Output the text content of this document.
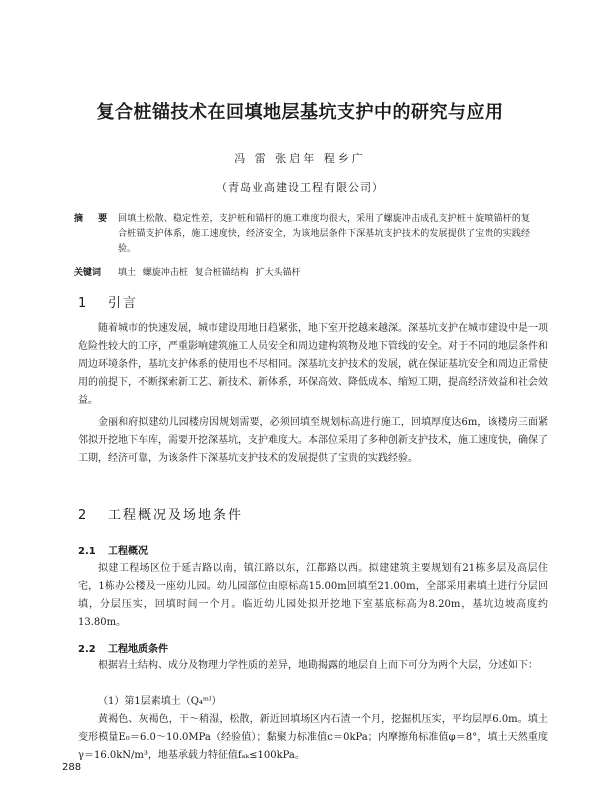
复合桩锚技术在回填地层基坑支护中的研究与应用
冯 雷 张启年 程乡广
（青岛业高建设工程有限公司）
摘 要 回填土松散、稳定性差，支护桩和锚杆的施工难度均很大，采用了螺旋冲击成孔支护桩＋旋喷锚杆的复合桩锚支护体系，施工速度快，经济安全，为该地层条件下深基坑支护技术的发展提供了宝贵的实践经验。
关键词	填土 螺旋冲击桩 复合桩锚结构 扩大头锚杆
1 引言
随着城市的快速发展，城市建设用地日趋紧张，地下室开挖越来越深。深基坑支护在城市建设中是一项危险性较大的工序，严重影响建筑施工人员安全和周边建构筑物及地下管线的安全。对于不同的地层条件和周边环境条件，基坑支护体系的使用也不尽相同。深基坑支护技术的发展，就在保证基坑安全和周边正常使用的前提下，不断探索新工艺、新技术、新体系，环保高效、降低成本、缩短工期，提高经济效益和社会效益。
金丽和府拟建幼儿园楼房因规划需要，必须回填至规划标高进行施工，回填厚度达6m，该楼房三面紧邻拟开挖地下车库，需要开挖深基坑，支护难度大。本部位采用了多种创新支护技术，施工速度快，确保了工期，经济可靠，为该条件下深基坑支护技术的发展提供了宝贵的实践经验。
2 工程概况及场地条件
2.1 工程概况
拟建工程场区位于延吉路以南，镇江路以东，江都路以西。拟建建筑主要规划有21栋多层及高层住宅，1栋办公楼及一座幼儿园。幼儿园部位由原标高15.00m回填至21.00m，全部采用素填土进行分层回填，分层压实，回填时间一个月。临近幼儿园处拟开挖地下室基底标高为8.20m，基坑边坡高度约13.80m。
2.2 工程地质条件
根据岩土结构、成分及物理力学性质的差异，地勘揭露的地层自上而下可分为两个大层，分述如下：
（1）第1层素填土（Q₄ᵐˡ）
黄褐色、灰褐色，干～稍湿，松散，新近回填场区内石渣一个月，挖掘机压实，平均层厚6.0m。填土变形模量E₀＝6.0～10.0MPa（经验值）；黏聚力标准值c＝0kPa；内摩擦角标准值φ＝8°，填土天然重度γ＝16.0kN/m³，地基承载力特征值fₐₖ≤100kPa。
288
